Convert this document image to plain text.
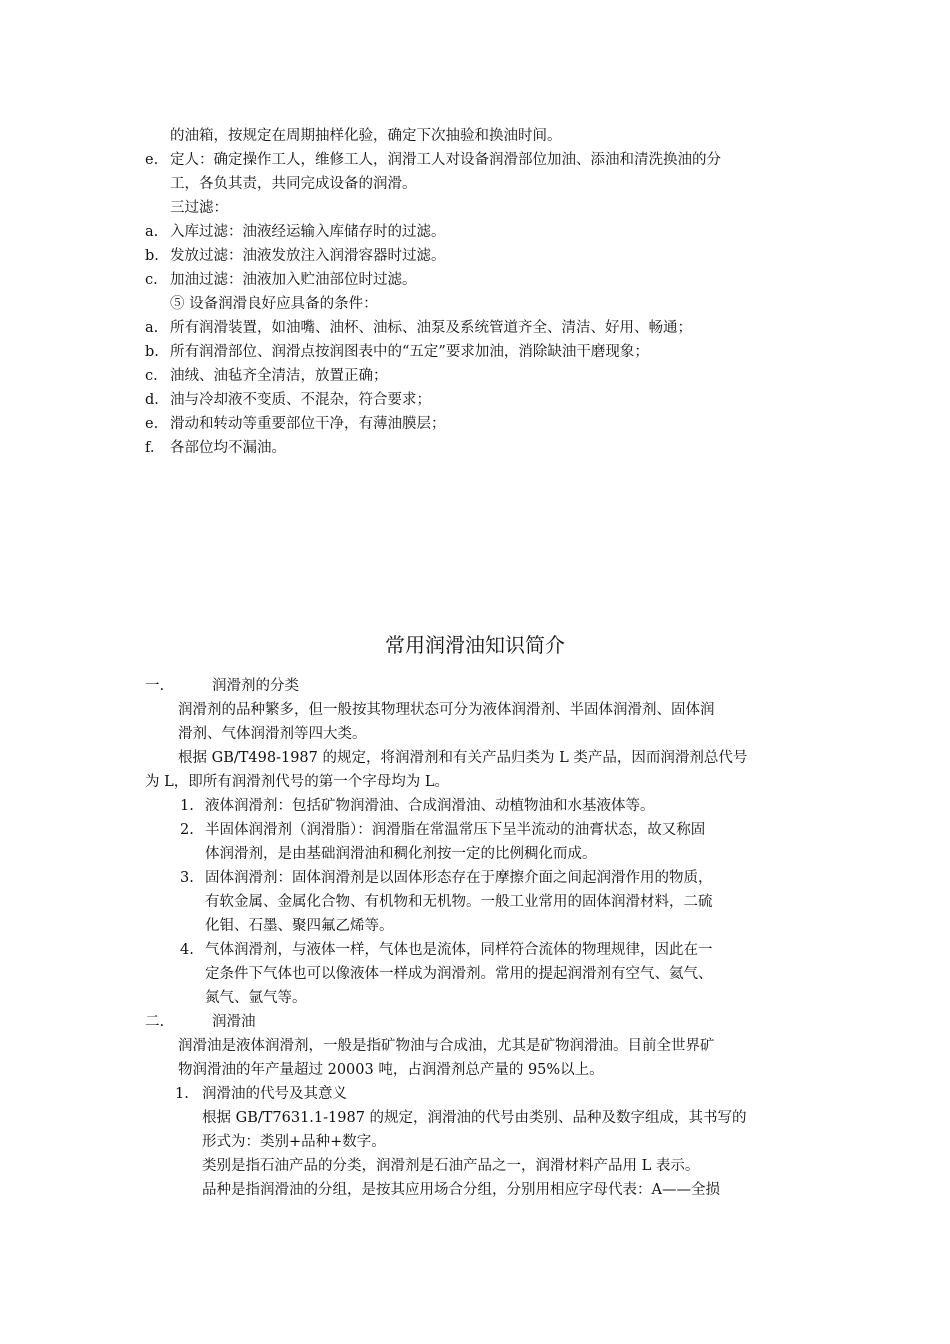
的油箱，按规定在周期抽样化验，确定下次抽验和换油时间。
e. 定人：确定操作工人，维修工人，润滑工人对设备润滑部位加油、添油和清洗换油的分
工，各负其责，共同完成设备的润滑。
三过滤：
a. 入库过滤：油液经运输入库储存时的过滤。
b. 发放过滤：油液发放注入润滑容器时过滤。
c. 加油过滤：油液加入贮油部位时过滤。
⑤ 设备润滑良好应具备的条件：
a. 所有润滑装置，如油嘴、油杯、油标、油泵及系统管道齐全、清洁、好用、畅通；
b. 所有润滑部位、润滑点按润图表中的“五定”要求加油，消除缺油干磨现象；
c. 油绒、油毡齐全清洁，放置正确；
d. 油与冷却液不变质、不混杂，符合要求；
e. 滑动和转动等重要部位干净，有薄油膜层；
f. 各部位均不漏油。
常用润滑油知识简介
一.	润滑剂的分类
润滑剂的品种繁多，但一般按其物理状态可分为液体润滑剂、半固体润滑剂、固体润
滑剂、气体润滑剂等四大类。
根据 GB/T498-1987 的规定，将润滑剂和有关产品归类为 L 类产品，因而润滑剂总代号
为 L，即所有润滑剂代号的第一个字母均为 L。
1. 液体润滑剂：包括矿物润滑油、合成润滑油、动植物油和水基液体等。
2. 半固体润滑剂（润滑脂）：润滑脂在常温常压下呈半流动的油膏状态，故又称固
体润滑剂，是由基础润滑油和稠化剂按一定的比例稠化而成。
3. 固体润滑剂：固体润滑剂是以固体形态存在于摩擦介面之间起润滑作用的物质，
有软金属、金属化合物、有机物和无机物。一般工业常用的固体润滑材料，二硫
化钼、石墨、聚四氟乙烯等。
4. 气体润滑剂，与液体一样，气体也是流体，同样符合流体的物理规律，因此在一
定条件下气体也可以像液体一样成为润滑剂。常用的提起润滑剂有空气、氦气、
氮气、氩气等。
二.	润滑油
润滑油是液体润滑剂，一般是指矿物油与合成油，尤其是矿物润滑油。目前全世界矿
物润滑油的年产量超过 20003 吨，占润滑剂总产量的 95%以上。
1. 润滑油的代号及其意义
根据 GB/T7631.1-1987 的规定，润滑油的代号由类别、品种及数字组成，其书写的
形式为：类别+品种+数字。
类别是指石油产品的分类，润滑剂是石油产品之一，润滑材料产品用 L 表示。
品种是指润滑油的分组，是按其应用场合分组，分别用相应字母代表：A——全损
